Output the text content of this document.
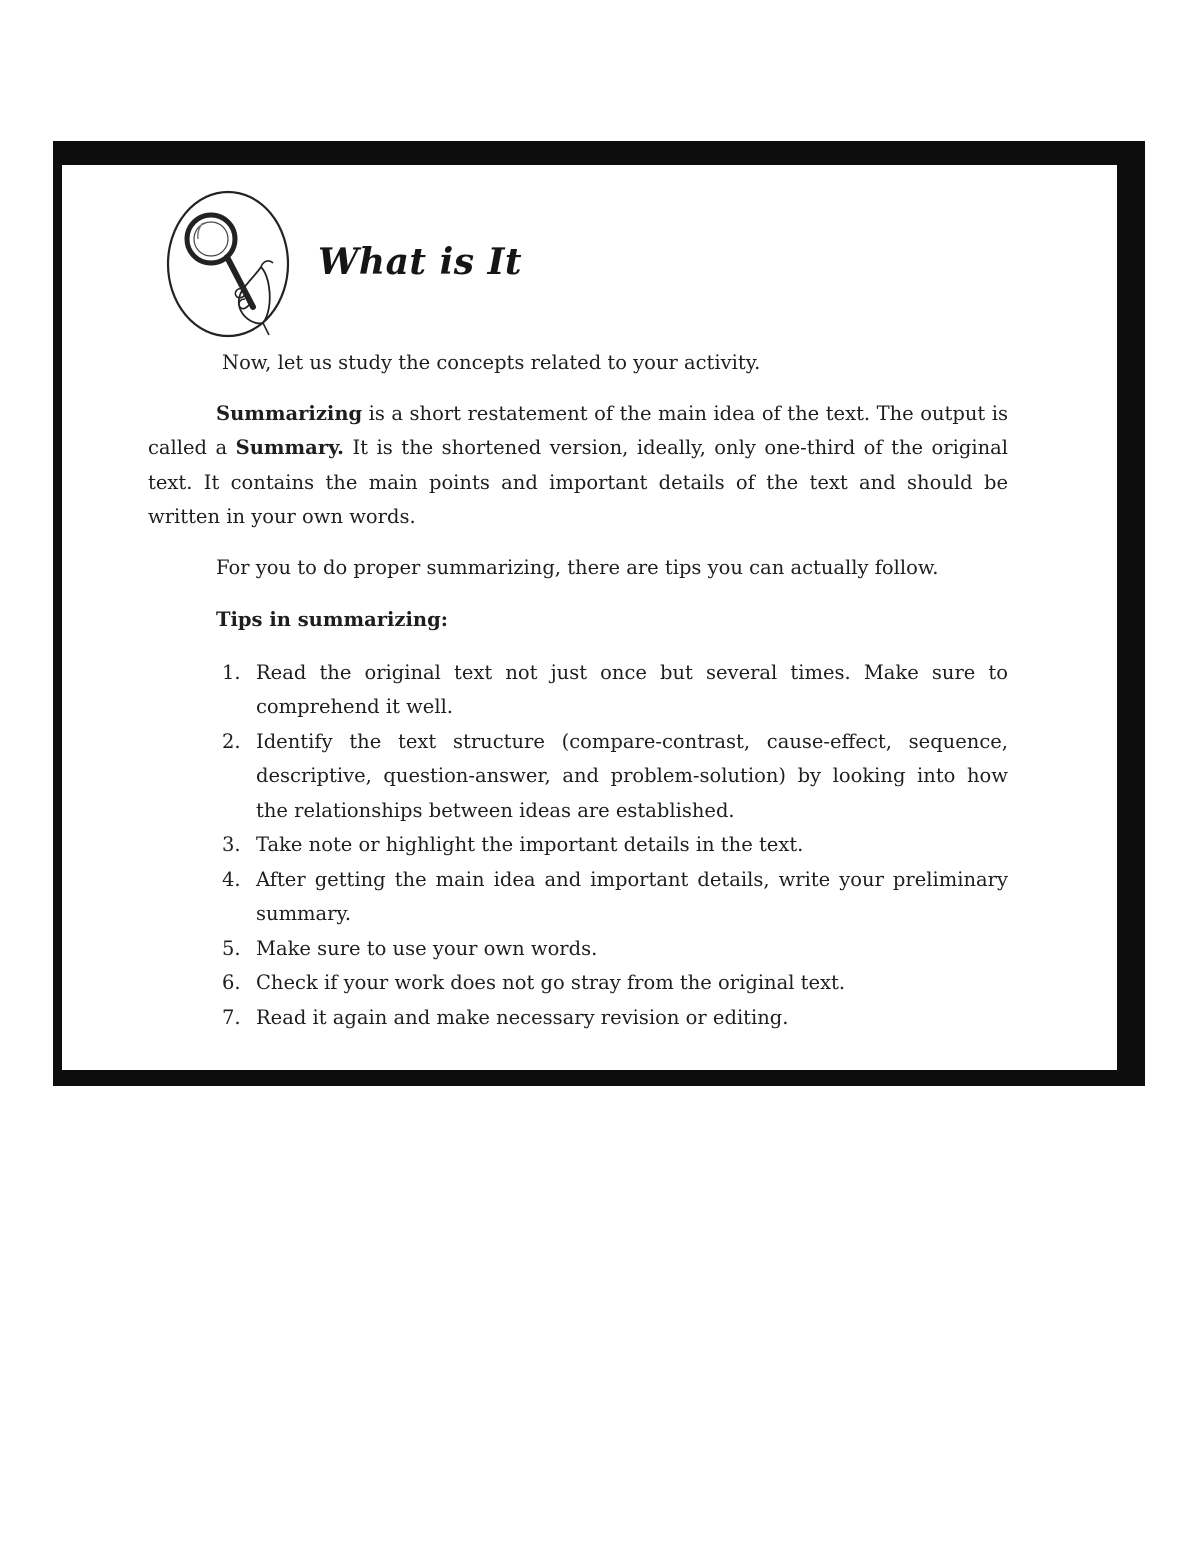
What is It

Now, let us study the concepts related to your activity.

Summarizing is a short restatement of the main idea of the text. The output is called a Summary. It is the shortened version, ideally, only one-third of the original text. It contains the main points and important details of the text and should be written in your own words.

For you to do proper summarizing, there are tips you can actually follow.

Tips in summarizing:

1. Read the original text not just once but several times. Make sure to comprehend it well.
2. Identify the text structure (compare-contrast, cause-effect, sequence, descriptive, question-answer, and problem-solution) by looking into how the relationships between ideas are established.
3. Take note or highlight the important details in the text.
4. After getting the main idea and important details, write your preliminary summary.
5. Make sure to use your own words.
6. Check if your work does not go stray from the original text.
7. Read it again and make necessary revision or editing.
